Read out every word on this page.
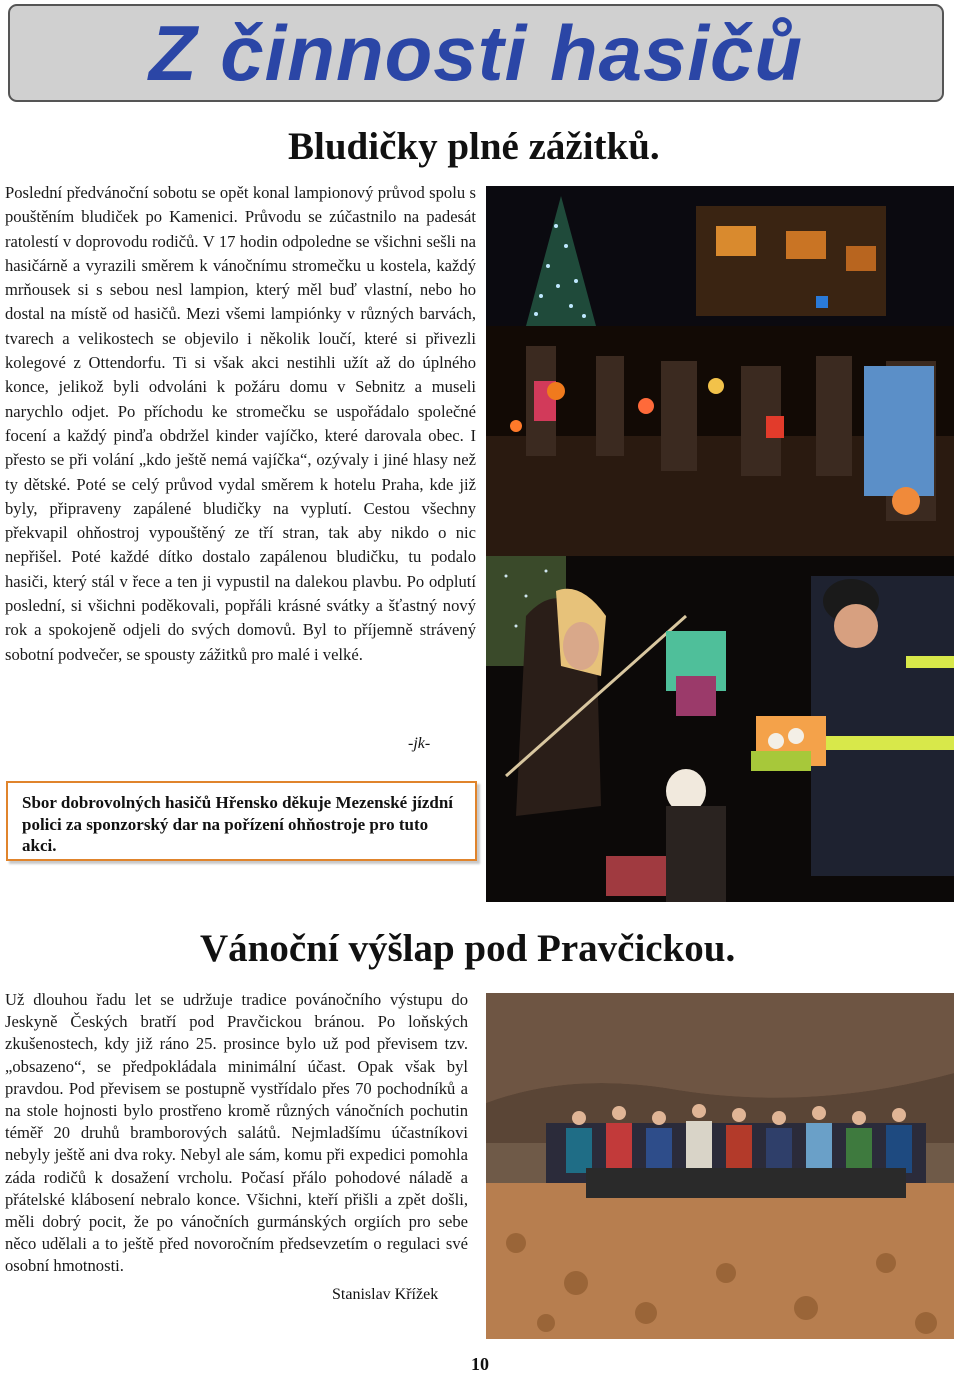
Z činnosti hasičů
Bludičky plné zážitků.

Poslední předvánoční sobotu se opět konal lampionový průvod spolu s pouštěním bludiček po Kamenici. Průvodu se zúčastnilo na padesát ratolestí v doprovodu rodičů. V 17 hodin odpoledne se všichni sešli na hasičárně a vyrazili směrem k vánočnímu stromečku u kostela, každý mrňousek si s sebou nesl lampion, který měl buď vlastní, nebo ho dostal na místě od hasičů. Mezi všemi lampiónky v různých barvách, tvarech a velikostech se objevilo i několik loučí, které si přivezli kolegové z Ottendorfu. Ti si však akci nestihli užít až do úplného konce, jelikož byli odvoláni k požáru domu v Sebnitz a museli narychlo odjet. Po příchodu ke stromečku se uspořádalo společné focení a každý pinďa obdržel kinder vajíčko, které darovala obec. I přesto se při volání „kdo ještě nemá vajíčka“, ozývaly i jiné hlasy než ty dětské. Poté se celý průvod vydal směrem k hotelu Praha, kde již byly, připraveny zapálené bludičky na vyplutí. Cestou všechny překvapil ohňostroj vypouštěný ze tří stran, tak aby nikdo o nic nepřišel. Poté každé dítko dostalo zapálenou bludičku, tu podalo hasiči, který stál v řece a ten ji vypustil na dalekou plavbu. Po odplutí poslední, si všichni poděkovali, popřáli krásné svátky a šťastný nový rok a spokojeně odjeli do svých domovů. Byl to příjemně strávený sobotní podvečer, se spousty zážitků pro malé i velké.

-jk-
Sbor dobrovolných hasičů Hřensko děkuje Mezenské jízdní polici za sponzorský dar na pořízení ohňostroje pro tuto akci.
Vánoční výšlap pod Pravčickou.

Už dlouhou řadu let se udržuje tradice povánočního výstupu do Jeskyně Českých bratří pod Pravčickou bránou. Po loňských zkušenostech, kdy již ráno 25. prosince bylo už pod převisem tzv. „obsazeno“, se předpokládala minimální účast. Opak však byl pravdou. Pod převisem se postupně vystřídalo přes 70 pochodníků a na stole hojnosti bylo prostřeno kromě různých vánočních pochutin téměř 20 druhů bramborových salátů. Nejmladšímu účastníkovi nebyly ještě ani dva roky. Nebyl ale sám, komu při expedici pomohla záda rodičů k dosažení vrcholu. Počasí přálo pohodové náladě a přátelské klábosení nebralo konce. Všichni, kteří přišli a zpět došli, měli dobrý pocit, že po vánočních gurmánských orgiích pro sebe něco udělali a to ještě před novoročním předsevzetím o regulaci své osobní hmotnosti.

Stanislav Křížek
10
